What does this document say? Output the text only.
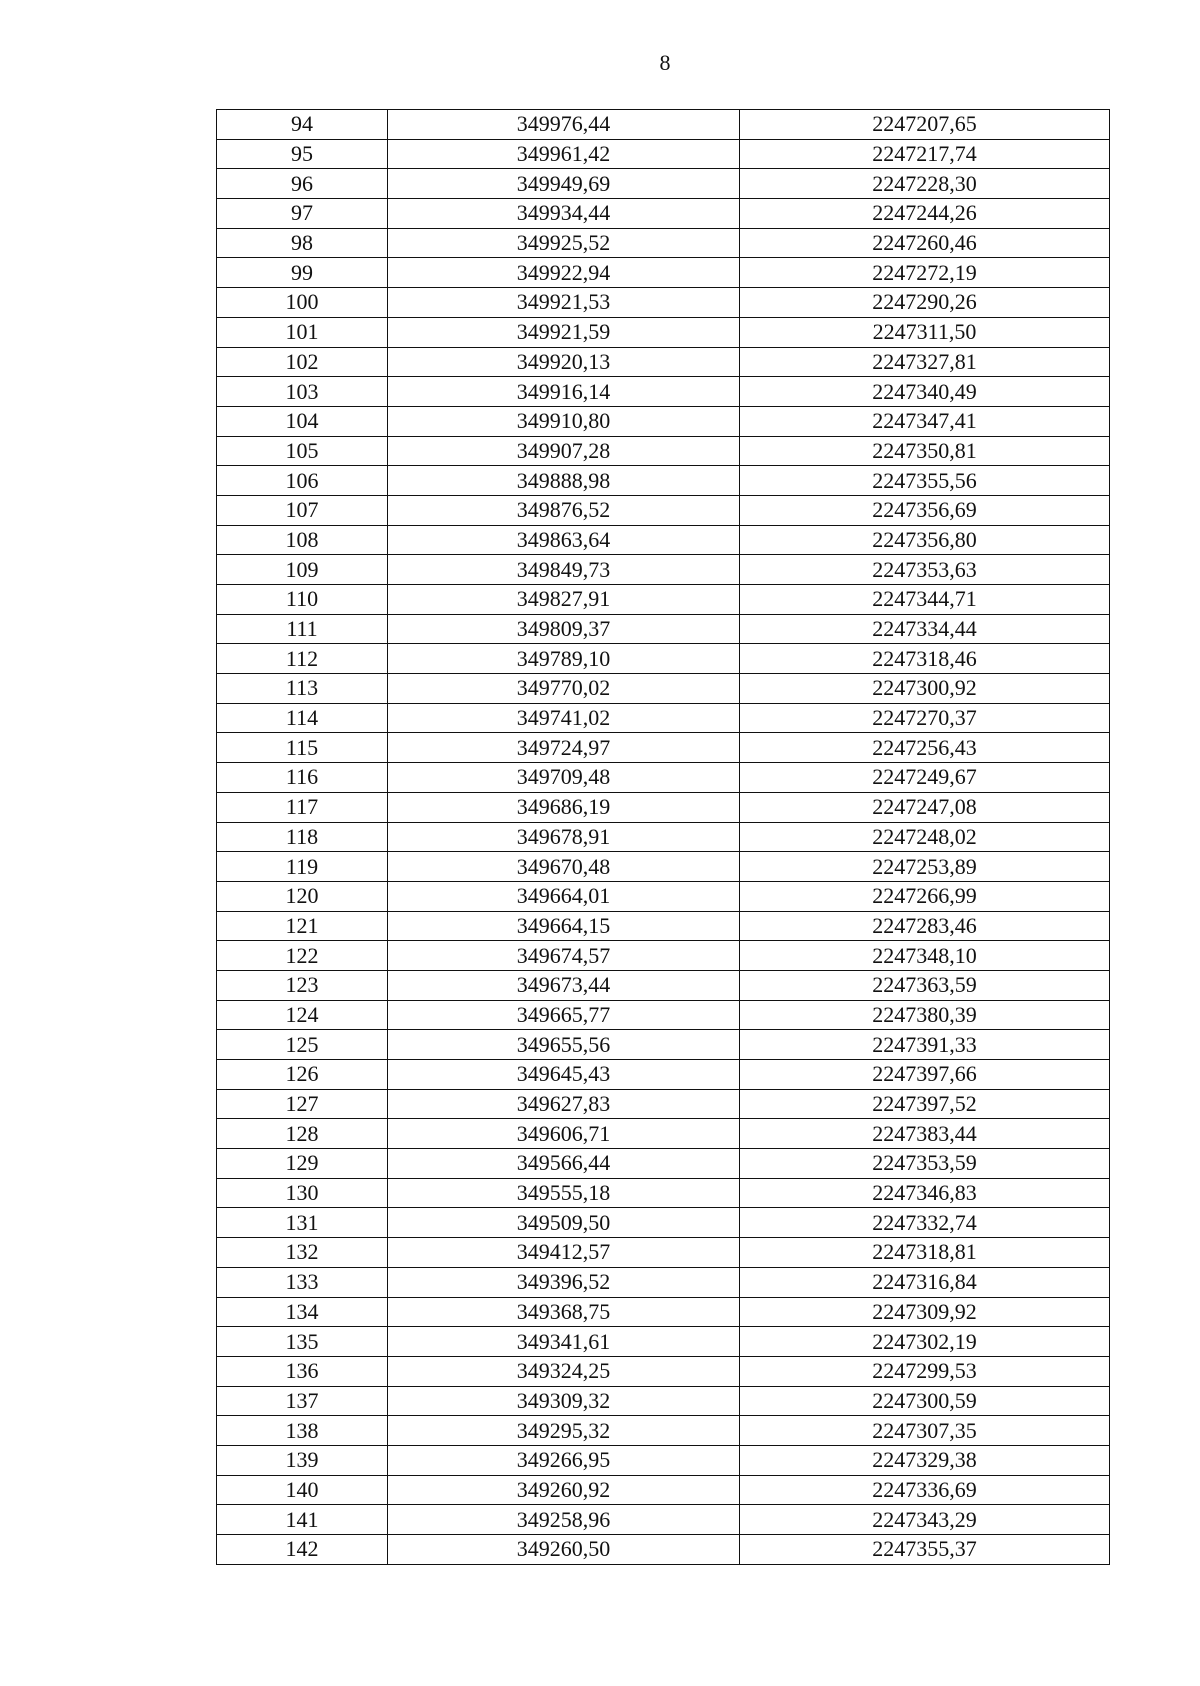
8
94	349976,44	2247207,65
95	349961,42	2247217,74
96	349949,69	2247228,30
97	349934,44	2247244,26
98	349925,52	2247260,46
99	349922,94	2247272,19
100	349921,53	2247290,26
101	349921,59	2247311,50
102	349920,13	2247327,81
103	349916,14	2247340,49
104	349910,80	2247347,41
105	349907,28	2247350,81
106	349888,98	2247355,56
107	349876,52	2247356,69
108	349863,64	2247356,80
109	349849,73	2247353,63
110	349827,91	2247344,71
111	349809,37	2247334,44
112	349789,10	2247318,46
113	349770,02	2247300,92
114	349741,02	2247270,37
115	349724,97	2247256,43
116	349709,48	2247249,67
117	349686,19	2247247,08
118	349678,91	2247248,02
119	349670,48	2247253,89
120	349664,01	2247266,99
121	349664,15	2247283,46
122	349674,57	2247348,10
123	349673,44	2247363,59
124	349665,77	2247380,39
125	349655,56	2247391,33
126	349645,43	2247397,66
127	349627,83	2247397,52
128	349606,71	2247383,44
129	349566,44	2247353,59
130	349555,18	2247346,83
131	349509,50	2247332,74
132	349412,57	2247318,81
133	349396,52	2247316,84
134	349368,75	2247309,92
135	349341,61	2247302,19
136	349324,25	2247299,53
137	349309,32	2247300,59
138	349295,32	2247307,35
139	349266,95	2247329,38
140	349260,92	2247336,69
141	349258,96	2247343,29
142	349260,50	2247355,37
